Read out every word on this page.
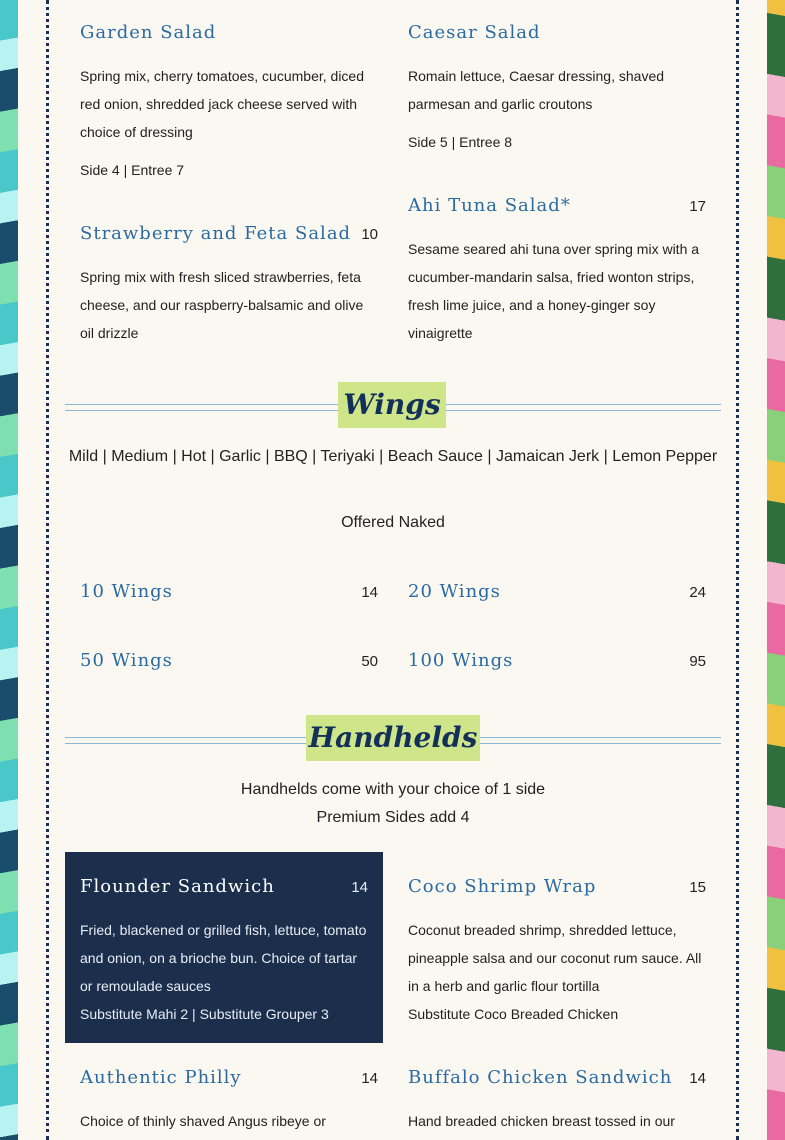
Garden Salad
Spring mix, cherry tomatoes, cucumber, diced red onion, shredded jack cheese served with choice of dressing
Side 4 | Entree 7
Caesar Salad
Romain lettuce, Caesar dressing, shaved parmesan and garlic croutons
Side 5 | Entree 8
Strawberry and Feta Salad 10
Spring mix with fresh sliced strawberries, feta cheese, and our raspberry-balsamic and olive oil drizzle
Ahi Tuna Salad*	17
Sesame seared ahi tuna over spring mix with a cucumber-mandarin salsa, fried wonton strips, fresh lime juice, and a honey-ginger soy vinaigrette
Wings
Mild | Medium | Hot | Garlic | BBQ | Teriyaki | Beach Sauce | Jamaican Jerk | Lemon Pepper
Offered Naked
10 Wings	14 20 Wings	24
50 Wings	50 100 Wings	95
Handhelds
Handhelds come with your choice of 1 side
Premium Sides add 4
Flounder Sandwich	14
Fried, blackened or grilled fish, lettuce, tomato and onion, on a brioche bun. Choice of tartar or remoulade sauces
Substitute Mahi 2 | Substitute Grouper 3
Coco Shrimp Wrap	15
Coconut breaded shrimp, shredded lettuce, pineapple salsa and our coconut rum sauce. All in a herb and garlic flour tortilla
Substitute Coco Breaded Chicken
Authentic Philly	14
Choice of thinly shaved Angus ribeye or
Buffalo Chicken Sandwich	14
Hand breaded chicken breast tossed in our
